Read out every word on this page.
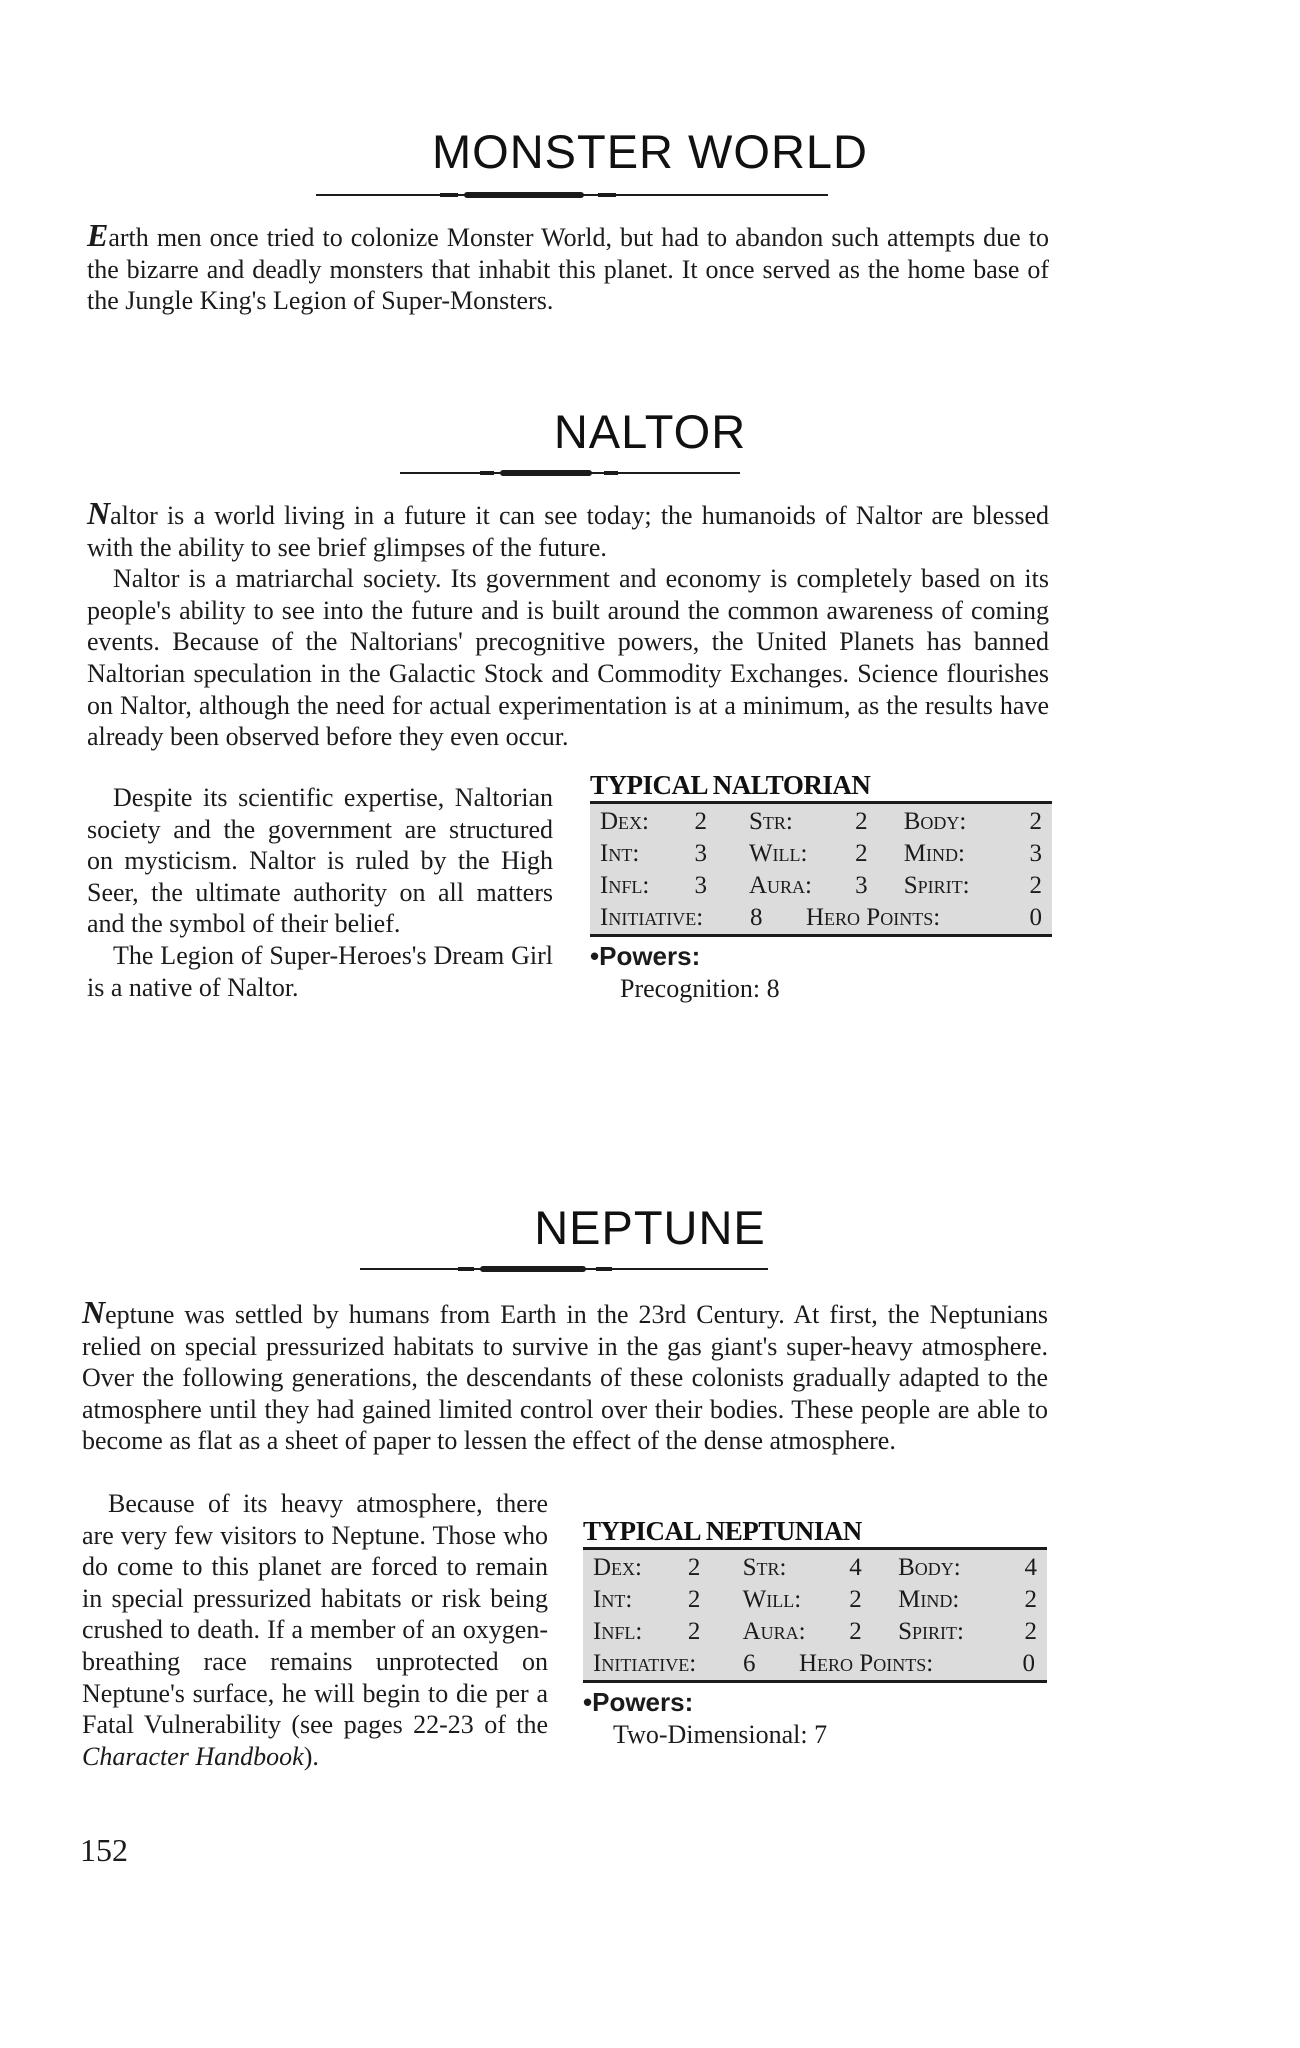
MONSTER WORLD

Earth men once tried to colonize Monster World, but had to abandon such attempts due to the bizarre and deadly monsters that inhabit this planet. It once served as the home base of the Jungle King's Legion of Super-Monsters.

NALTOR

Naltor is a world living in a future it can see today; the humanoids of Naltor are blessed with the ability to see brief glimpses of the future.

Naltor is a matriarchal society. Its government and economy is completely based on its people's ability to see into the future and is built around the common awareness of coming events. Because of the Naltorians' precognitive powers, the United Planets has banned Naltorian speculation in the Galactic Stock and Commodity Exchanges. Science flourishes on Naltor, although the need for actual experimentation is at a minimum, as the results have already been observed before they even occur.

Despite its scientific expertise, Naltorian society and the government are structured on mysticism. Naltor is ruled by the High Seer, the ultimate authority on all matters and the symbol of their belief.

The Legion of Super-Heroes's Dream Girl is a native of Naltor.

TYPICAL NALTORIAN
Dex:	2	Str:	2	Body:	2
Int:	3	Will:	2	Mind:	3
Infl:	3	Aura:	3	Spirit:	2
Initiative:	8	Hero Points:	0
•Powers:
Precognition: 8
NEPTUNE

Neptune was settled by humans from Earth in the 23rd Century. At first, the Neptunians relied on special pressurized habitats to survive in the gas giant's super-heavy atmosphere. Over the following generations, the descendants of these colonists gradually adapted to the atmosphere until they had gained limited control over their bodies. These people are able to become as flat as a sheet of paper to lessen the effect of the dense atmosphere.

Because of its heavy atmosphere, there are very few visitors to Neptune. Those who do come to this planet are forced to remain in special pressurized habitats or risk being crushed to death. If a member of an oxygen-breathing race remains unprotected on Neptune's surface, he will begin to die per a Fatal Vulnerability (see pages 22-23 of the Character Handbook).

TYPICAL NEPTUNIAN
Dex:	2	Str:	4	Body:	4
Int:	2	Will:	2	Mind:	2
Infl:	2	Aura:	2	Spirit:	2
Initiative:	6	Hero Points:	0
•Powers:
Two-Dimensional: 7
152
